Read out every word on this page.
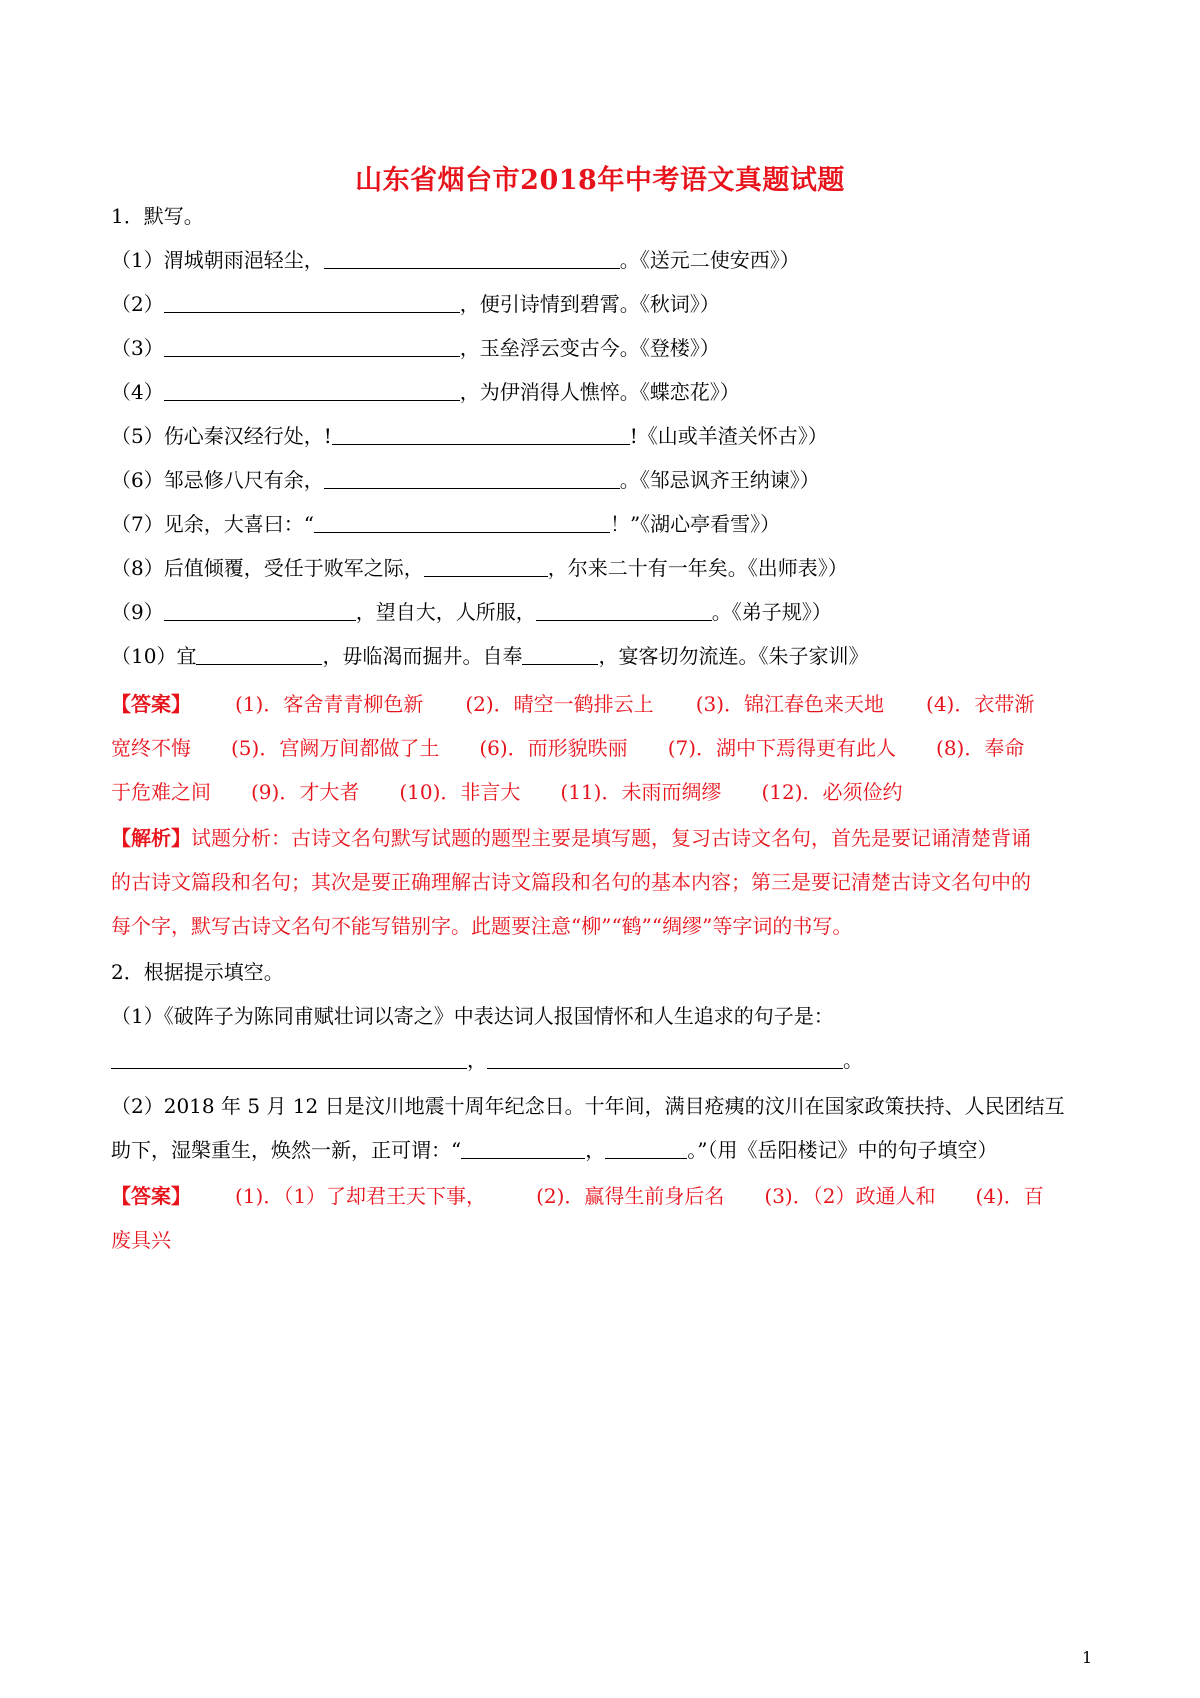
山东省烟台市2018年中考语文真题试题
1．默写。
（1）渭城朝雨浥轻尘，	。《送元二使安西》）
（2）	，便引诗情到碧霄。《秋词》）
（3）	，玉垒浮云变古今。《登楼》）
（4）	，为伊消得人憔悴。《蝶恋花》）
（5）伤心秦汉经行处，!	!《山或羊渣关怀古》）
（6）邹忌修八尺有余，	。《邹忌讽齐王纳谏》）
（7）见余，大喜曰：“	！”《湖心亭看雪》）
（8）后值倾覆，受任于败军之际，	，尔来二十有一年矣。《出师表》）
（9）	，望自大，人所服，	。《弟子规》）
（10）宜	，毋临渴而掘井。自奉	，宴客切勿流连。《朱子家训》
【答案】 (1)．客舍青青柳色新 (2)．晴空一鹤排云上 (3)．锦江春色来天地 (4)．衣带渐
宽终不悔 (5)．宫阙万间都做了土 (6)．而形貌昳丽 (7)．湖中下焉得更有此人 (8)．奉命
于危难之间 (9)．才大者 (10)．非言大 (11)．未雨而绸缪 (12)．必须俭约
【解析】试题分析：古诗文名句默写试题的题型主要是填写题，复习古诗文名句，首先是要记诵清楚背诵
的古诗文篇段和名句；其次是要正确理解古诗文篇段和名句的基本内容；第三是要记清楚古诗文名句中的
每个字，默写古诗文名句不能写错别字。此题要注意“柳”“鹤”“绸缪”等字词的书写。
2．根据提示填空。
（1）《破阵子为陈同甫赋壮词以寄之》中表达词人报国情怀和人生追求的句子是：
，	。
（2）2018 年 5 月 12 日是汶川地震十周年纪念日。十年间，满目疮痍的汶川在国家政策扶持、人民团结互
助下，湿槃重生，焕然一新，正可谓：“	，	。”（用《岳阳楼记》中的句子填空）
【答案】 (1)．（1）了却君王天下事，	(2)．赢得生前身后名 (3)．（2）政通人和 (4)．百
废具兴
1
